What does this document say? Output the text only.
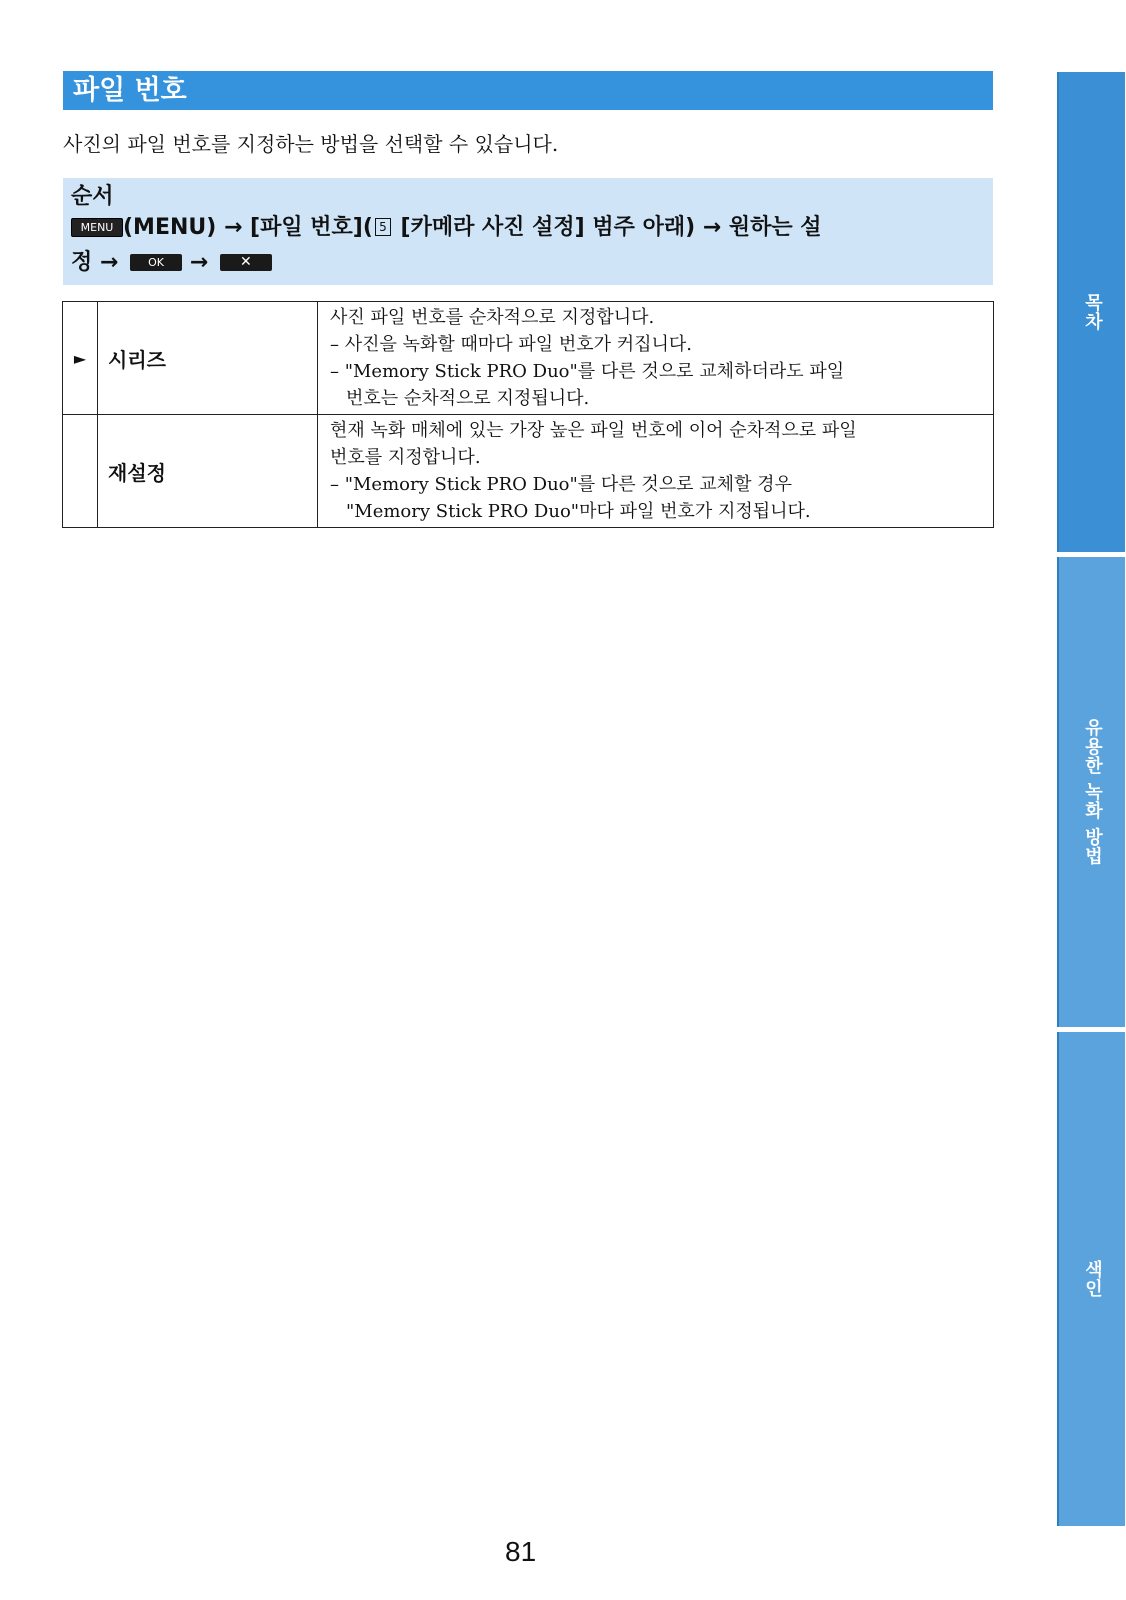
파일 번호
사진의 파일 번호를 지정하는 방법을 선택할 수 있습니다.
순서
MENU (MENU) → [파일 번호]( 5 [카메라 사진 설정] 범주 아래) → 원하는 설
정 →	OK → ✕
►	시리즈	사진 파일 번호를 순차적으로 지정합니다.
– 사진을 녹화할 때마다 파일 번호가 커집니다.
– "Memory Stick PRO Duo"를 다른 것으로 교체하더라도 파일
번호는 순차적으로 지정됩니다.

	재설정	현재 녹화 매체에 있는 가장 높은 파일 번호에 이어 순차적으로 파일
번호를 지정합니다.
– "Memory Stick PRO Duo"를 다른 것으로 교체할 경우
"Memory Stick PRO Duo"마다 파일 번호가 지정됩니다.
목차
유용한 녹화 방법
색인
81
